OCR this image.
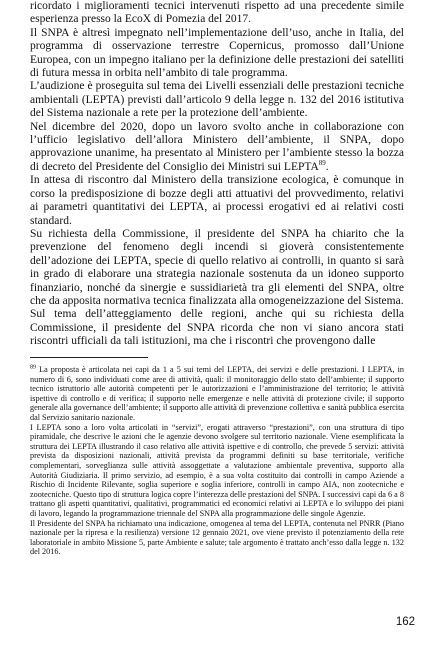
ricordato i miglioramenti tecnici intervenuti rispetto ad una precedente simile esperienza presso la EcoX di Pomezia del 2017.

Il SNPA è altresì impegnato nell’implementazione dell’uso, anche in Italia, del programma di osservazione terrestre Copernicus, promosso dall’Unione Europea, con un impegno italiano per la definizione delle prestazioni dei satelliti di futura messa in orbita nell’ambito di tale programma.

L’audizione è proseguita sul tema dei Livelli essenziali delle prestazioni tecniche ambientali (LEPTA) previsti dall’articolo 9 della legge n. 132 del 2016 istitutiva del Sistema nazionale a rete per la protezione dell’ambiente.

Nel dicembre del 2020, dopo un lavoro svolto anche in collaborazione con l’ufficio legislativo dell’allora Ministero dell’ambiente, il SNPA, dopo approvazione unanime, ha presentato al Ministero per l’ambiente stesso la bozza di decreto del Presidente del Consiglio dei Ministri sui LEPTA$^{89}$.

In attesa di riscontro dal Ministero della transizione ecologica, è comunque in corso la predisposizione di bozze degli atti attuativi del provvedimento, relativi ai parametri quantitativi dei LEPTA, ai processi erogativi ed ai relativi costi standard.

Su richiesta della Commissione, il presidente del SNPA ha chiarito che la prevenzione del fenomeno degli incendi si gioverà consistentemente dell’adozione dei LEPTA, specie di quello relativo ai controlli, in quanto si sarà in grado di elaborare una strategia nazionale sostenuta da un idoneo supporto finanziario, nonché da sinergie e sussidiarietà tra gli elementi del SNPA, oltre che da apposita normativa tecnica finalizzata alla omogeneizzazione del Sistema.

Sul tema dell’atteggiamento delle regioni, anche qui su richiesta della Commissione, il presidente del SNPA ricorda che non vi siano ancora stati riscontri ufficiali da tali istituzioni, ma che i riscontri che provengono dalle

$^{89}$ La proposta è articolata nei capi da 1 a 5 sui temi del LEPTA, dei servizi e delle prestazioni. I LEPTA, in numero di 6, sono individuati come aree di attività, quali: il monitoraggio dello stato dell’ambiente; il supporto tecnico istruttorio alle autorità competenti per le autorizzazioni e l’amministrazione del territorio; le attività ispettive di controllo e di verifica; il supporto nelle emergenze e nelle attività di protezione civile; il supporto generale alla governance dell’ambiente; il supporto alle attività di prevenzione collettiva e sanità pubblica esercita dal Servizio sanitario nazionale.

I LEPTA sono a loro volta articolati in “servizi”, erogati attraverso “prestazioni”, con una struttura di tipo piramidale, che descrive le azioni che le agenzie devono svolgere sul territorio nazionale. Viene esemplificata la struttura dei LEPTA illustrando il caso relativo alle attività ispettive e di controllo, che prevede 5 servizi: attività prevista da disposizioni nazionali, attività prevista da programmi definiti su base territoriale, verifiche complementari, sorveglianza sulle attività assoggettate a valutazione ambientale preventiva, supporto alla Autorità Giudiziaria. Il primo servizio, ad esempio, è a sua volta costituito dai controlli in campo Aziende a Rischio di Incidente Rilevante, soglia superiore e soglia inferiore, controlli in campo AIA, non zootecniche e zootecniche. Questo tipo di struttura logica copre l’interezza delle prestazioni del SNPA. I successivi capi da 6 a 8 trattano gli aspetti quantitativi, qualitativi, programmatici ed economici relativi ai LEPTA e lo sviluppo dei piani di lavoro, legando la programmazione triennale del SNPA alla programmazione delle singole Agenzie.

Il Presidente del SNPA ha richiamato una indicazione, omogenea al tema del LEPTA, contenuta nel PNRR (Piano nazionale per la ripresa e la resilienza) versione 12 gennaio 2021, ove viene previsto il potenziamento della rete laboratoriale in ambito Missione 5, parte Ambiente e salute; tale argomento è trattato anch’esso dalla legge n. 132 del 2016.

162
